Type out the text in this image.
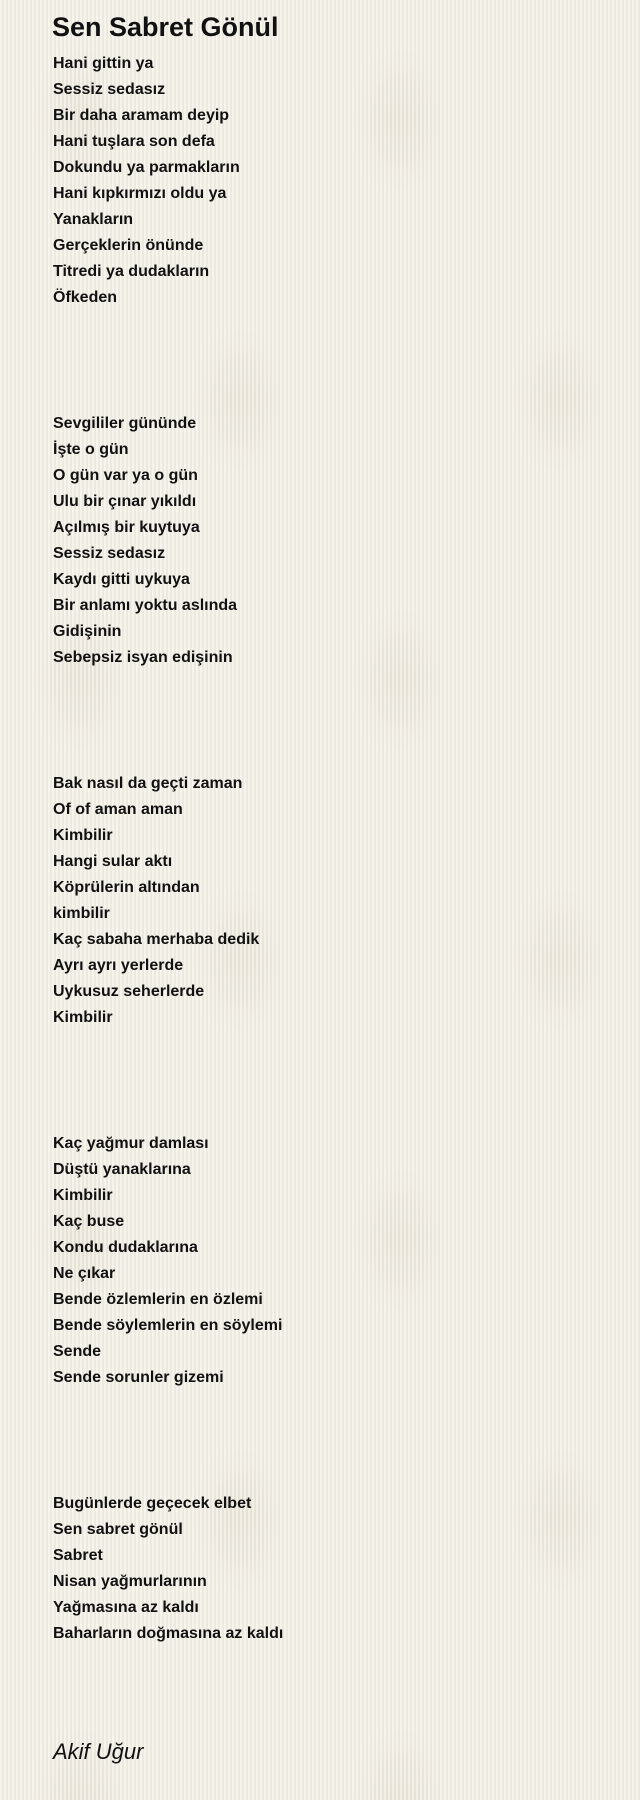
Sen Sabret Gönül
Hani gittin ya
Sessiz sedasız
Bir daha aramam deyip
Hani tuşlara son defa
Dokundu ya parmakların
Hani kıpkırmızı oldu ya
Yanakların
Gerçeklerin önünde
Titredi ya dudakların
Öfkeden
Sevgililer gününde
İşte o gün
O gün var ya o gün
Ulu bir çınar yıkıldı
Açılmış bir kuytuya
Sessiz sedasız
Kaydı gitti uykuya
Bir anlamı yoktu aslında
Gidişinin
Sebepsiz isyan edişinin
Bak nasıl da geçti zaman
Of of aman aman
Kimbilir
Hangi sular aktı
Köprülerin altından
kimbilir
Kaç sabaha merhaba dedik
Ayrı ayrı yerlerde
Uykusuz seherlerde
Kimbilir
Kaç yağmur damlası
Düştü yanaklarına
Kimbilir
Kaç buse
Kondu dudaklarına
Ne çıkar
Bende özlemlerin en özlemi
Bende söylemlerin en söylemi
Sende
Sende sorunler gizemi
Bugünlerde geçecek elbet
Sen sabret gönül
Sabret
Nisan yağmurlarının
Yağmasına az kaldı
Baharların doğmasına az kaldı
Akif Uğur
